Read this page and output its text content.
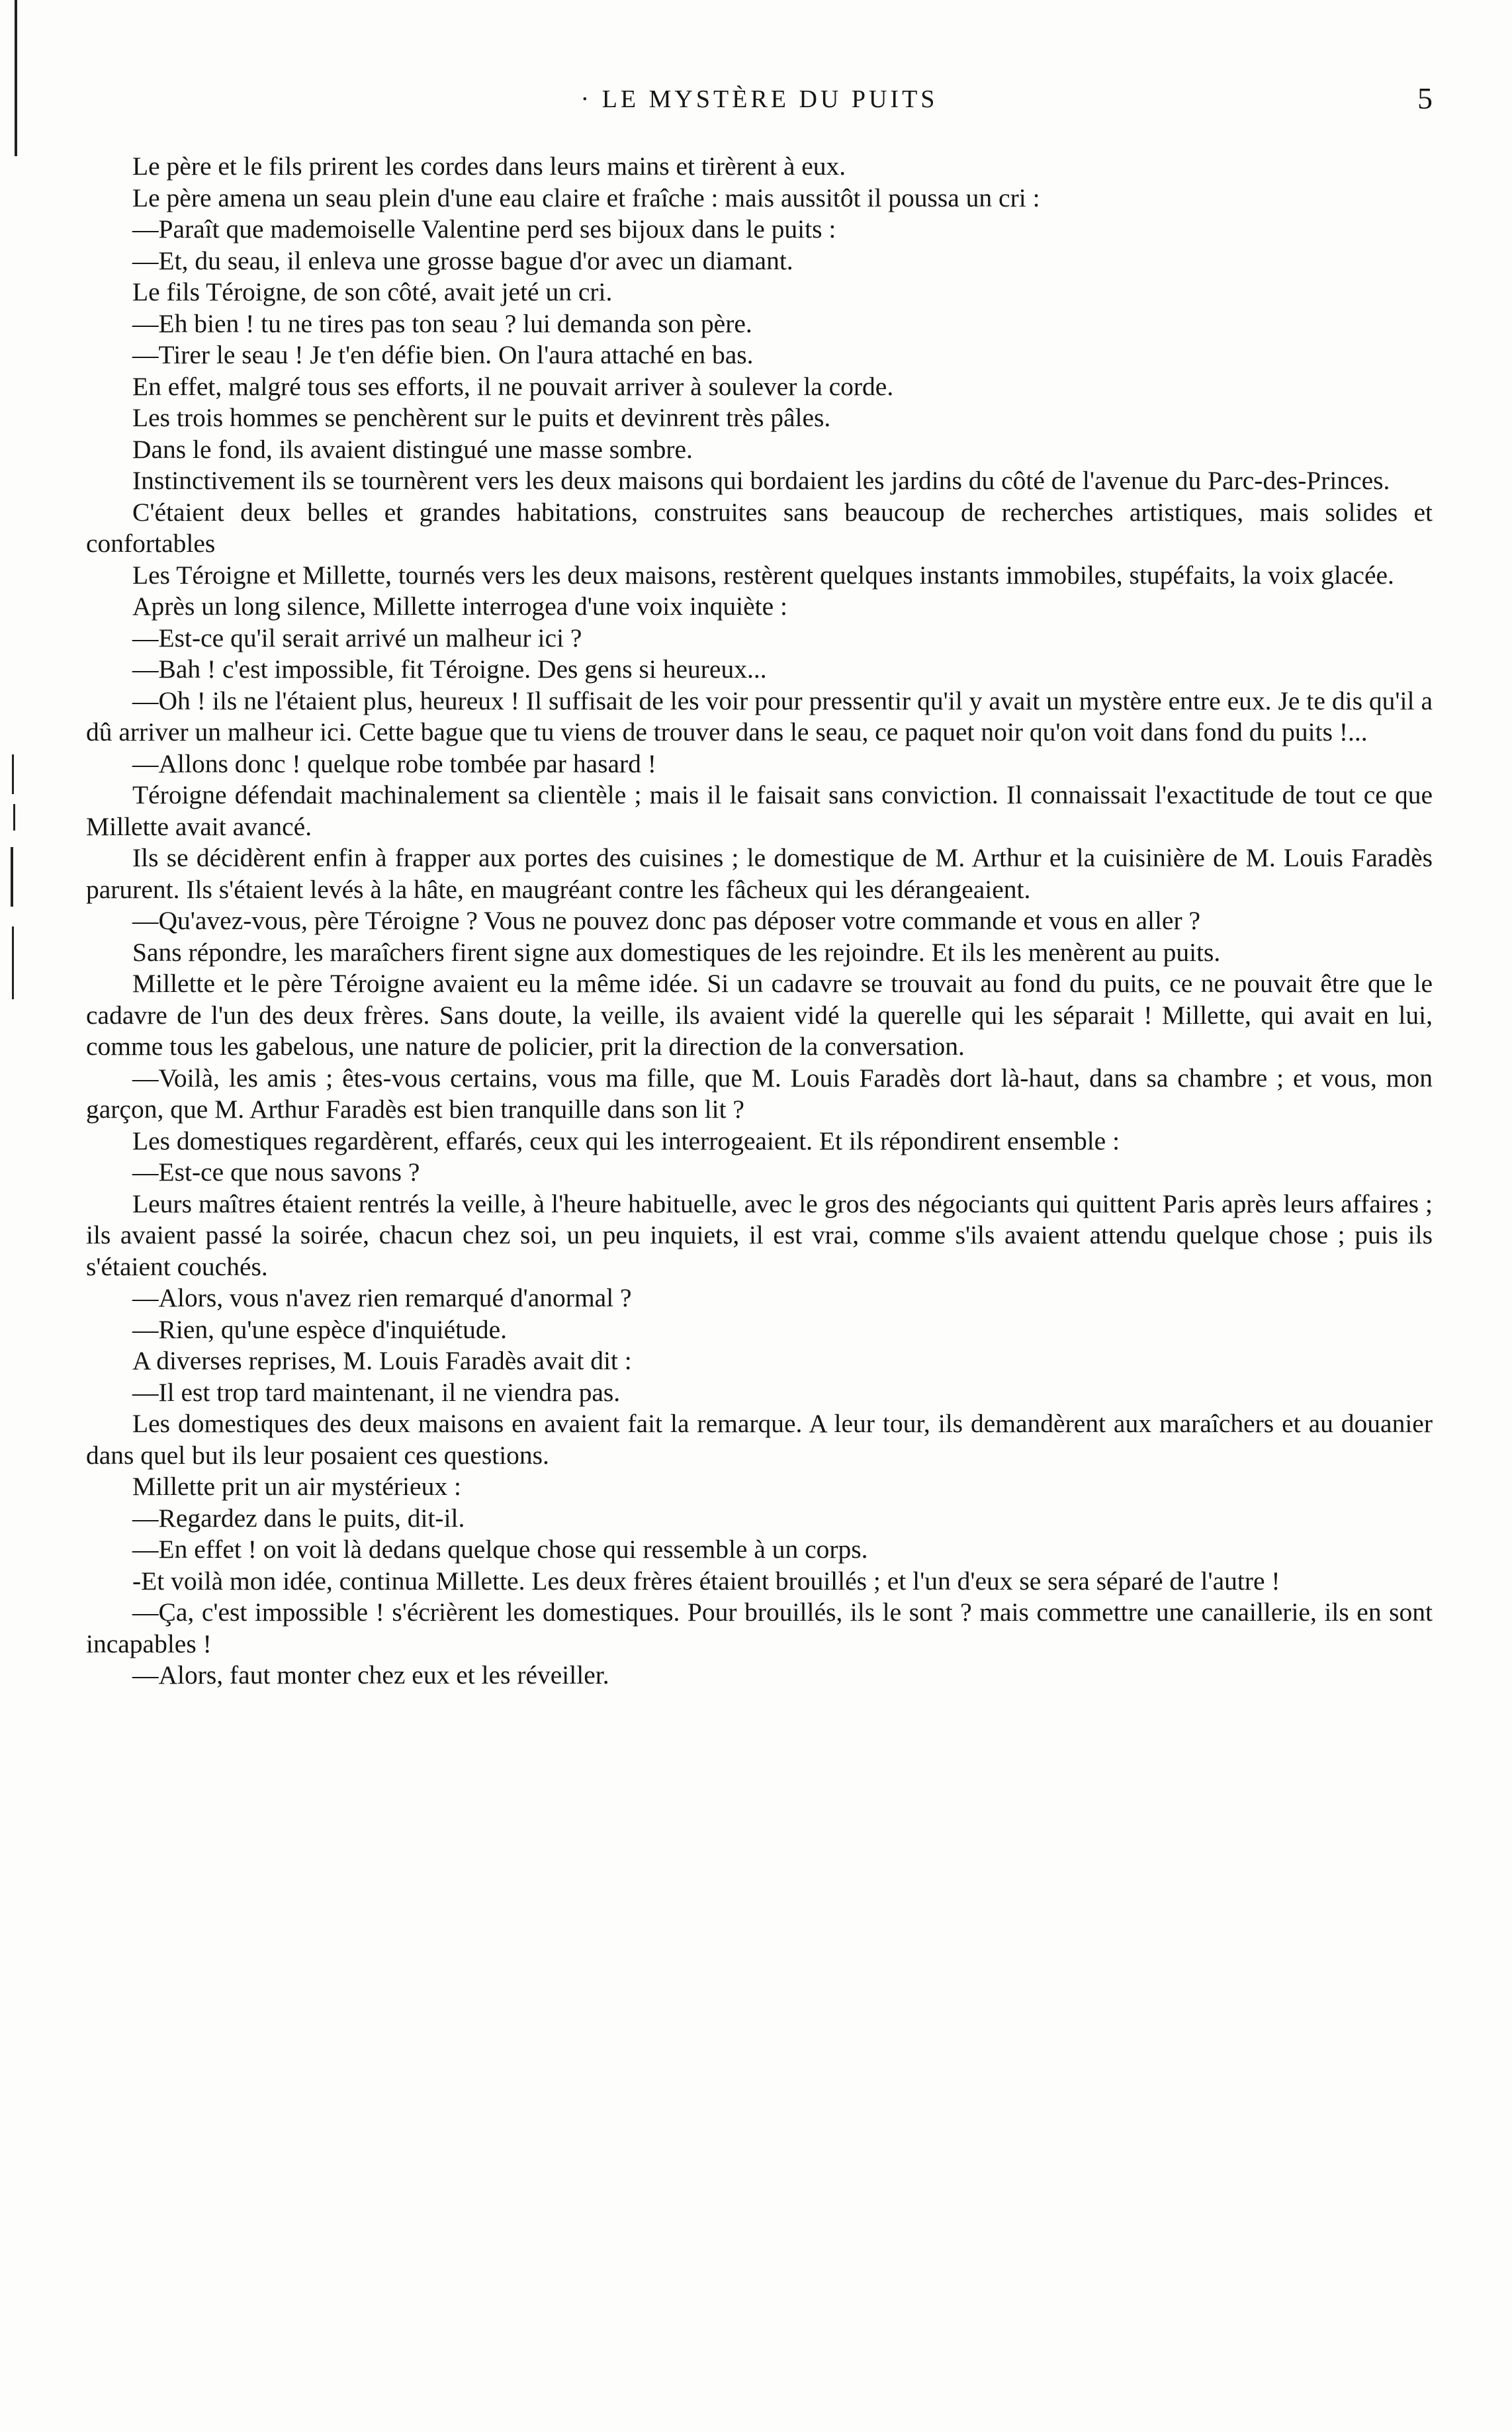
· LE MYSTÈRE DU PUITS	5

Le père et le fils prirent les cordes dans leurs mains et tirèrent à eux.

Le père amena un seau plein d'une eau claire et fraîche : mais aussitôt il poussa un cri :

—Paraît que mademoiselle Valentine perd ses bijoux dans le puits :

—Et, du seau, il enleva une grosse bague d'or avec un diamant.

Le fils Téroigne, de son côté, avait jeté un cri.

—Eh bien ! tu ne tires pas ton seau ? lui demanda son père.

—Tirer le seau ! Je t'en défie bien. On l'aura attaché en bas.

En effet, malgré tous ses efforts, il ne pouvait arriver à soulever la corde.

Les trois hommes se penchèrent sur le puits et devinrent très pâles.

Dans le fond, ils avaient distingué une masse sombre.

Instinctivement ils se tournèrent vers les deux maisons qui bordaient les jardins du côté de l'avenue du Parc-des-Princes.

C'étaient deux belles et grandes habitations, construites sans beaucoup de recherches artistiques, mais solides et confortables

Les Téroigne et Millette, tournés vers les deux maisons, restèrent quelques instants immobiles, stupéfaits, la voix glacée.

Après un long silence, Millette interrogea d'une voix inquiète :

—Est-ce qu'il serait arrivé un malheur ici ?

—Bah ! c'est impossible, fit Téroigne. Des gens si heureux...

—Oh ! ils ne l'étaient plus, heureux ! Il suffisait de les voir pour pressentir qu'il y avait un mystère entre eux. Je te dis qu'il a dû arriver un malheur ici. Cette bague que tu viens de trouver dans le seau, ce paquet noir qu'on voit dans fond du puits !...

—Allons donc ! quelque robe tombée par hasard !

Téroigne défendait machinalement sa clientèle ; mais il le faisait sans conviction. Il connaissait l'exactitude de tout ce que Millette avait avancé.

Ils se décidèrent enfin à frapper aux portes des cuisines ; le domestique de M. Arthur et la cuisinière de M. Louis Faradès parurent. Ils s'étaient levés à la hâte, en maugréant contre les fâcheux qui les dérangeaient.

—Qu'avez-vous, père Téroigne ? Vous ne pouvez donc pas déposer votre commande et vous en aller ?

Sans répondre, les maraîchers firent signe aux domestiques de les rejoindre. Et ils les menèrent au puits.

Millette et le père Téroigne avaient eu la même idée. Si un cadavre se trouvait au fond du puits, ce ne pouvait être que le cadavre de l'un des deux frères. Sans doute, la veille, ils avaient vidé la querelle qui les séparait ! Millette, qui avait en lui, comme tous les gabelous, une nature de policier, prit la direction de la conversation.

—Voilà, les amis ; êtes-vous certains, vous ma fille, que M. Louis Faradès dort là-haut, dans sa chambre ; et vous, mon garçon, que M. Arthur Faradès est bien tranquille dans son lit ?

Les domestiques regardèrent, effarés, ceux qui les interrogeaient. Et ils répondirent ensemble :

—Est-ce que nous savons ?

Leurs maîtres étaient rentrés la veille, à l'heure habituelle, avec le gros des négociants qui quittent Paris après leurs affaires ; ils avaient passé la soirée, chacun chez soi, un peu inquiets, il est vrai, comme s'ils avaient attendu quelque chose ; puis ils s'étaient couchés.

—Alors, vous n'avez rien remarqué d'anormal ?

—Rien, qu'une espèce d'inquiétude.

A diverses reprises, M. Louis Faradès avait dit :

—Il est trop tard maintenant, il ne viendra pas.

Les domestiques des deux maisons en avaient fait la remarque. A leur tour, ils demandèrent aux maraîchers et au douanier dans quel but ils leur posaient ces questions.

Millette prit un air mystérieux :

—Regardez dans le puits, dit-il.

—En effet ! on voit là dedans quelque chose qui ressemble à un corps.

-Et voilà mon idée, continua Millette. Les deux frères étaient brouillés ; et l'un d'eux se sera séparé de l'autre !

—Ça, c'est impossible ! s'écrièrent les domestiques. Pour brouillés, ils le sont ? mais commettre une canaillerie, ils en sont incapables !

—Alors, faut monter chez eux et les réveiller.
